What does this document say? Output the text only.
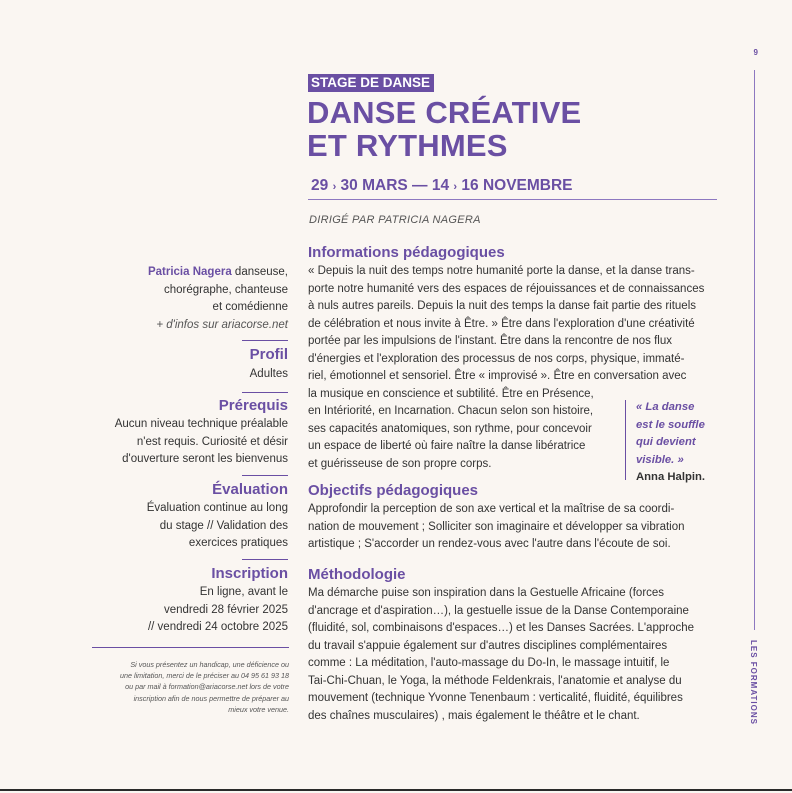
9
LES FORMATIONS
STAGE DE DANSE
DANSE CRÉATIVE
ET RYTHMES
29 › 30 MARS — 14 › 16 NOVEMBRE
DIRIGÉ PAR PATRICIA NAGERA
Patricia Nagera danseuse,
chorégraphe, chanteuse
et comédienne
+ d'infos sur ariacorse.net
Profil
Adultes
Prérequis
Aucun niveau technique préalable
n'est requis. Curiosité et désir
d'ouverture seront les bienvenus
Évaluation
Évaluation continue au long
du stage // Validation des
exercices pratiques
Inscription
En ligne, avant le
vendredi 28 février 2025
// vendredi 24 octobre 2025
Si vous présentez un handicap, une déficience ou
une limitation, merci de le préciser au 04 95 61 93 18
ou par mail à formation@ariacorse.net lors de votre
inscription afin de nous permettre de préparer au
mieux votre venue.
Informations pédagogiques
« Depuis la nuit des temps notre humanité porte la danse, et la danse trans-
porte notre humanité vers des espaces de réjouissances et de connaissances
à nuls autres pareils. Depuis la nuit des temps la danse fait partie des rituels
de célébration et nous invite à Être. » Être dans l'exploration d'une créativité
portée par les impulsions de l'instant. Être dans la rencontre de nos flux
d'énergies et l'exploration des processus de nos corps, physique, immaté-
riel, émotionnel et sensoriel. Être « improvisé ». Être en conversation avec
la musique en conscience et subtilité. Être en Présence,
en Intériorité, en Incarnation. Chacun selon son histoire,
ses capacités anatomiques, son rythme, pour concevoir
un espace de liberté où faire naître la danse libératrice
et guérisseuse de son propre corps.
« La danse
est le souffle
qui devient
visible. »
Anna Halpin.
Objectifs pédagogiques
Approfondir la perception de son axe vertical et la maîtrise de sa coordi-
nation de mouvement ; Solliciter son imaginaire et développer sa vibration
artistique ; S'accorder un rendez-vous avec l'autre dans l'écoute de soi.
Méthodologie
Ma démarche puise son inspiration dans la Gestuelle Africaine (forces
d'ancrage et d'aspiration…), la gestuelle issue de la Danse Contemporaine
(fluidité, sol, combinaisons d'espaces…) et les Danses Sacrées. L'approche
du travail s'appuie également sur d'autres disciplines complémentaires
comme : La méditation, l'auto-massage du Do-In, le massage intuitif, le
Tai-Chi-Chuan, le Yoga, la méthode Feldenkrais, l'anatomie et analyse du
mouvement (technique Yvonne Tenenbaum : verticalité, fluidité, équilibres
des chaînes musculaires) , mais également le théâtre et le chant.
